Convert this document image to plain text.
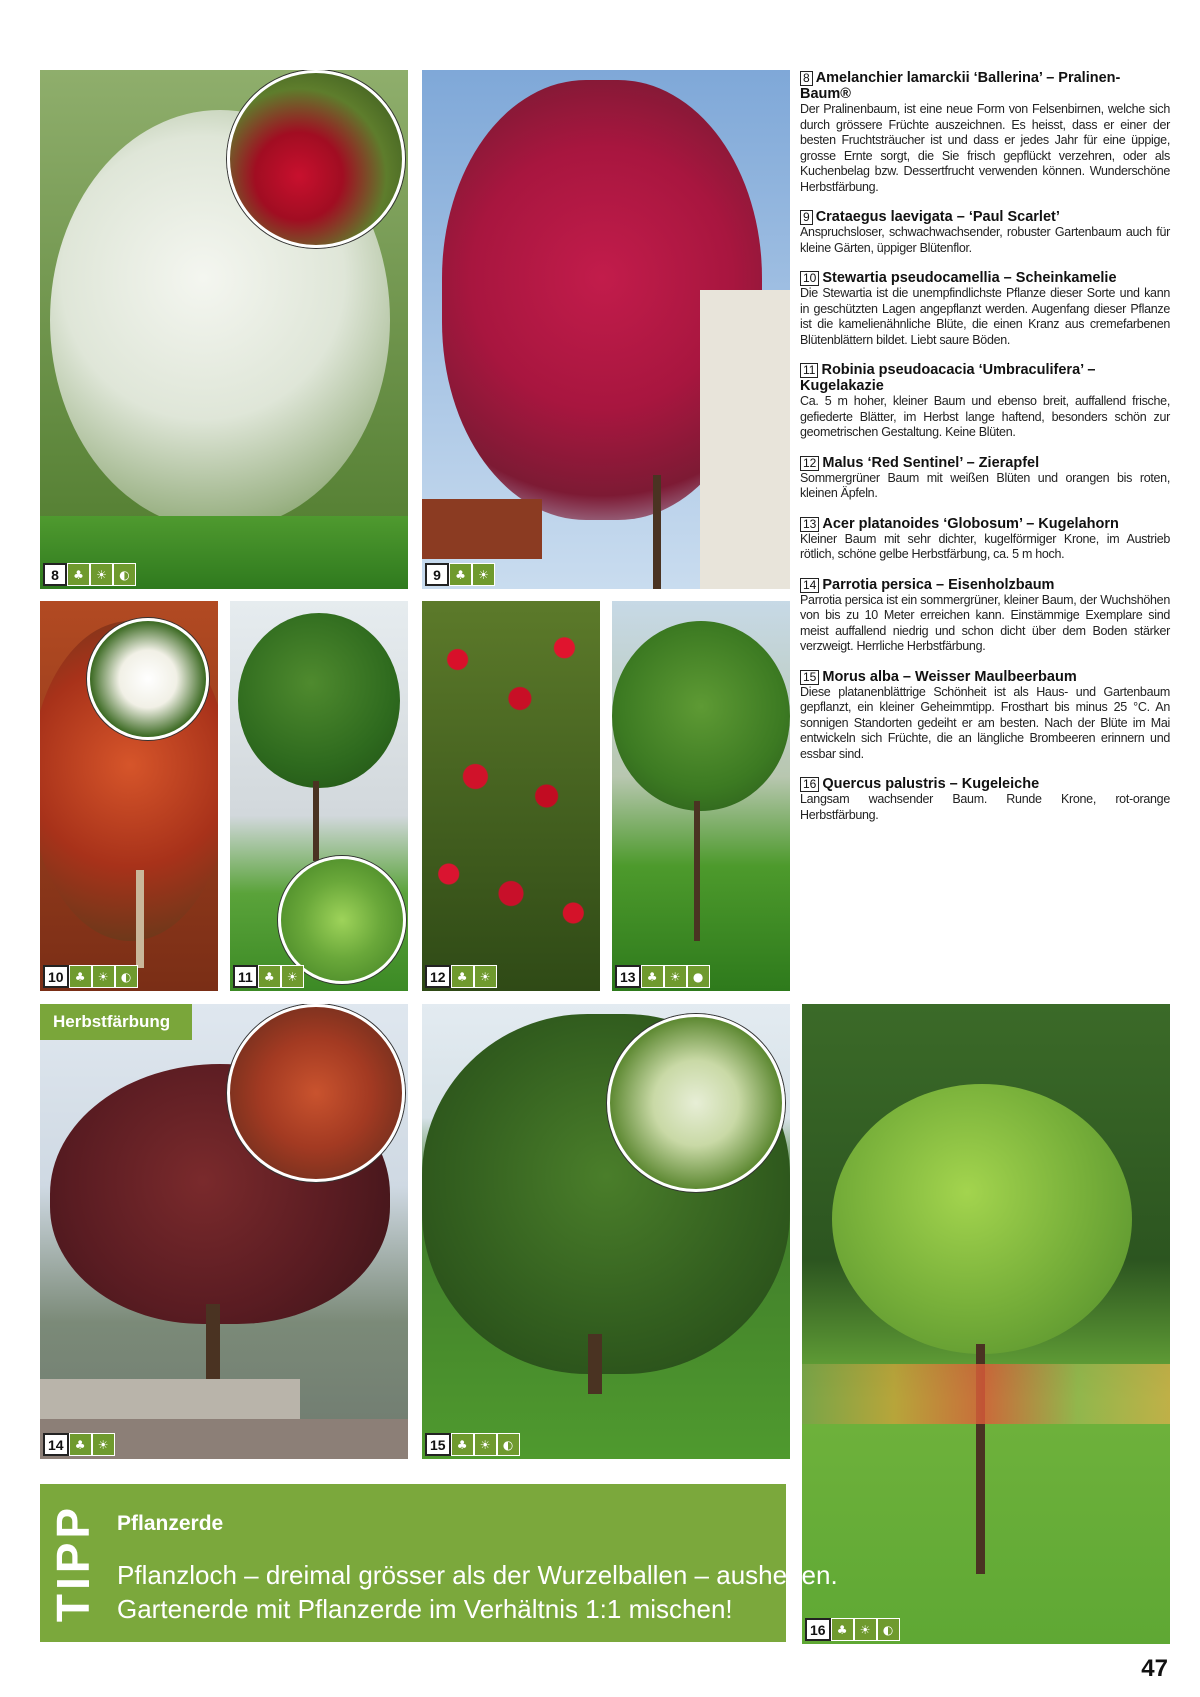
8	♣	☀	◐	9	♣	☀
10 ♣	☀	◐	11 ♣	☀	12 ♣	☀	13 ♣	☀	●
Herbstfärbung
14 ♣	☀	15 ♣	☀	◐
16 ♣	☀	◐
8 Amelanchier lamarckii ‘Ballerina’ – Pralinen-Baum®
Der Pralinenbaum, ist eine neue Form von Felsenbirnen, welche sich durch grössere Früchte auszeichnen. Es heisst, dass er einer der besten Fruchtsträucher ist und dass er jedes Jahr für eine üppige, grosse Ernte sorgt, die Sie frisch gepflückt verzehren, oder als Kuchenbelag bzw. Dessertfrucht verwenden können. Wunderschöne Herbstfärbung.
9 Crataegus laevigata – ‘Paul Scarlet’
Anspruchsloser, schwachwachsender, robuster Gartenbaum auch für kleine Gärten, üppiger Blütenflor.
10 Stewartia pseudocamellia – Scheinkamelie
Die Stewartia ist die unempfindlichste Pflanze dieser Sorte und kann in geschützten Lagen angepflanzt werden. Augenfang dieser Pflanze ist die kamelienähnliche Blüte, die einen Kranz aus cremefarbenen Blütenblättern bildet. Liebt saure Böden.
11 Robinia pseudoacacia ‘Umbraculifera’ – Kugelakazie
Ca. 5 m hoher, kleiner Baum und ebenso breit, auffallend frische, gefiederte Blätter, im Herbst lange haftend, besonders schön zur geometrischen Gestaltung. Keine Blüten.
12 Malus ‘Red Sentinel’ – Zierapfel
Sommergrüner Baum mit weißen Blüten und orangen bis roten, kleinen Äpfeln.
13 Acer platanoides ‘Globosum’ – Kugelahorn
Kleiner Baum mit sehr dichter, kugelförmiger Krone, im Austrieb rötlich, schöne gelbe Herbstfärbung, ca. 5 m hoch.
14 Parrotia persica – Eisenholzbaum
Parrotia persica ist ein sommergrüner, kleiner Baum, der Wuchshöhen von bis zu 10 Meter erreichen kann. Einstämmige Exemplare sind meist auffallend niedrig und schon dicht über dem Boden stärker verzweigt. Herrliche Herbstfärbung.
15 Morus alba – Weisser Maulbeerbaum
Diese platanenblättrige Schönheit ist als Haus- und Gartenbaum gepflanzt, ein kleiner Geheimmtipp. Frosthart bis minus 25 °C. An sonnigen Standorten gedeiht er am besten. Nach der Blüte im Mai entwickeln sich Früchte, die an längliche Brombeeren erinnern und essbar sind.
16 Quercus palustris – Kugeleiche
Langsam wachsender Baum. Runde Krone, rot-orange Herbstfärbung.
TIPP Pflanzerde
Pflanzloch – dreimal grösser als der Wurzelballen – ausheben.
Gartenerde mit Pflanzerde im Verhältnis 1:1 mischen!
47
